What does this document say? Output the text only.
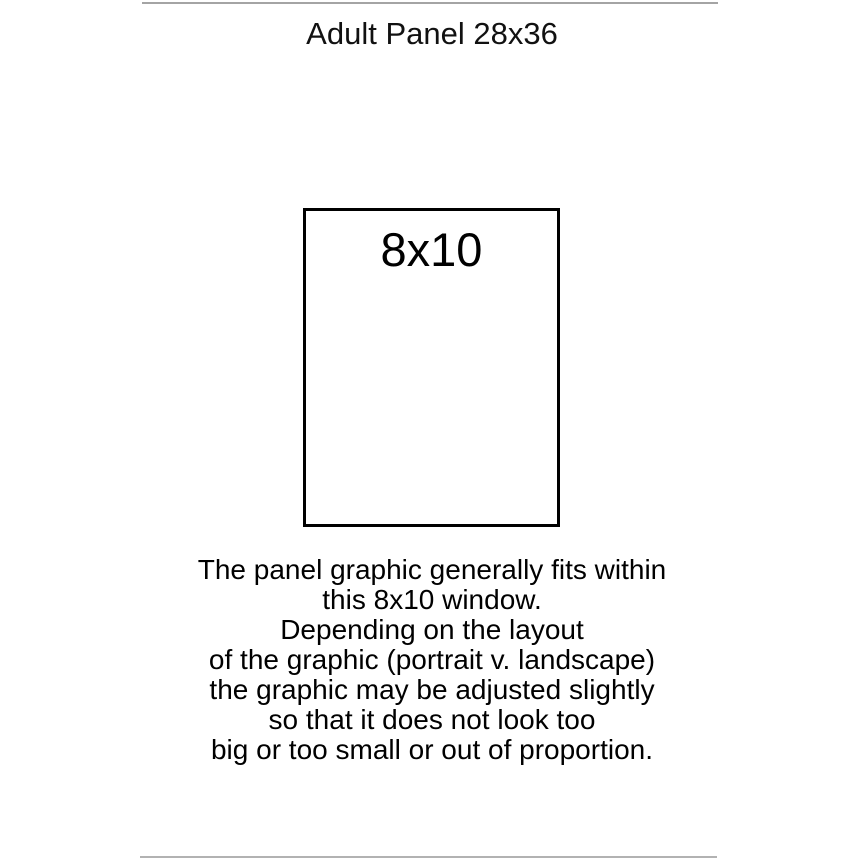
Adult Panel 28x36
8x10
The panel graphic generally fits within
this 8x10 window.
Depending on the layout
of the graphic (portrait v. landscape)
the graphic may be adjusted slightly
so that it does not look too
big or too small or out of proportion.
